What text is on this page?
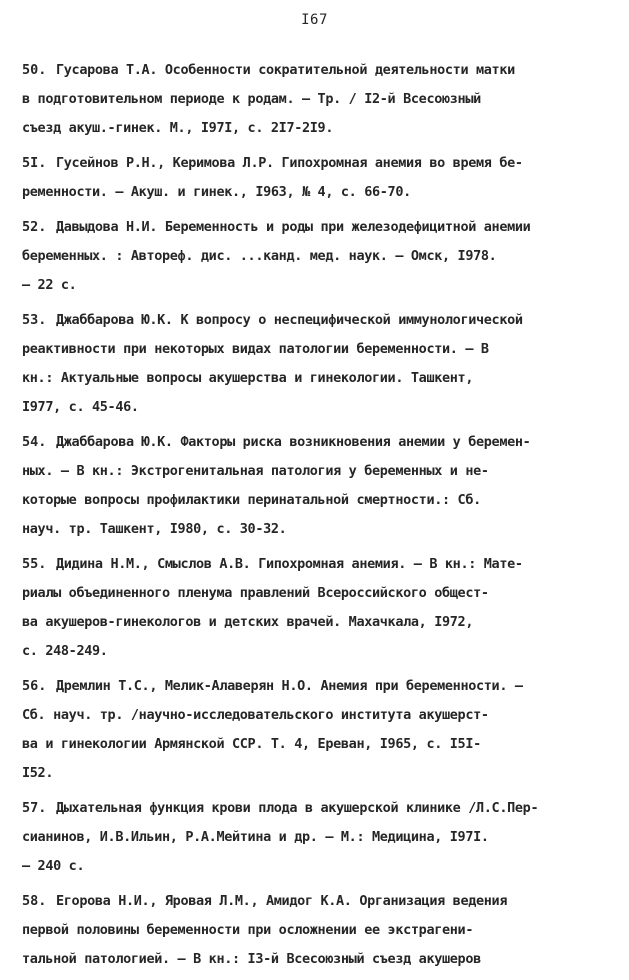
I67
50. Гусарова Т.А. Особенности сократительной деятельности матки
в подготовительном периоде к родам. – Тр. / I2-й Всесоюзный
съезд акуш.-гинек. М., I97I, с. 2I7-2I9.
5I. Гусейнов Р.Н., Керимова Л.Р. Гипохромная анемия во время бе-
ременности. – Акуш. и гинек., I963, № 4, с. 66-70.
52. Давыдова Н.И. Беременность и роды при железодефицитной анемии
беременных. : Автореф. дис. ...канд. мед. наук. – Омск, I978.
– 22 с.
53. Джаббарова Ю.К. К вопросу о неспецифической иммунологической
реактивности при некоторых видах патологии беременности. – В
кн.: Актуальные вопросы акушерства и гинекологии. Ташкент,
I977, с. 45-46.
54. Джаббарова Ю.К. Факторы риска возникновения анемии у беремен-
ных. – В кн.: Экстрогенитальная патология у беременных и не-
которые вопросы профилактики перинатальной смертности.: Сб.
науч. тр. Ташкент, I980, с. 30-32.
55. Дидина Н.М., Смыслов А.В. Гипохромная анемия. – В кн.: Мате-
риалы объединенного пленума правлений Всероссийского общест-
ва акушеров-гинекологов и детских врачей. Махачкала, I972,
с. 248-249.
56. Дремлин Т.С., Мелик-Алаверян Н.О. Анемия при беременности. –
Сб. науч. тр. /научно-исследовательского института акушерст-
ва и гинекологии Армянской ССР. Т. 4, Ереван, I965, с. I5I-
I52.
57. Дыхательная функция крови плода в акушерской клинике /Л.С.Пер-
сианинов, И.В.Ильин, Р.А.Мейтина и др. – М.: Медицина, I97I.
– 240 с.
58. Егорова Н.И., Яровая Л.М., Амидог К.А. Организация ведения
первой половины беременности при осложнении ее экстрагени-
тальной патологией. – В кн.: I3-й Всесоюзный съезд акушеров
